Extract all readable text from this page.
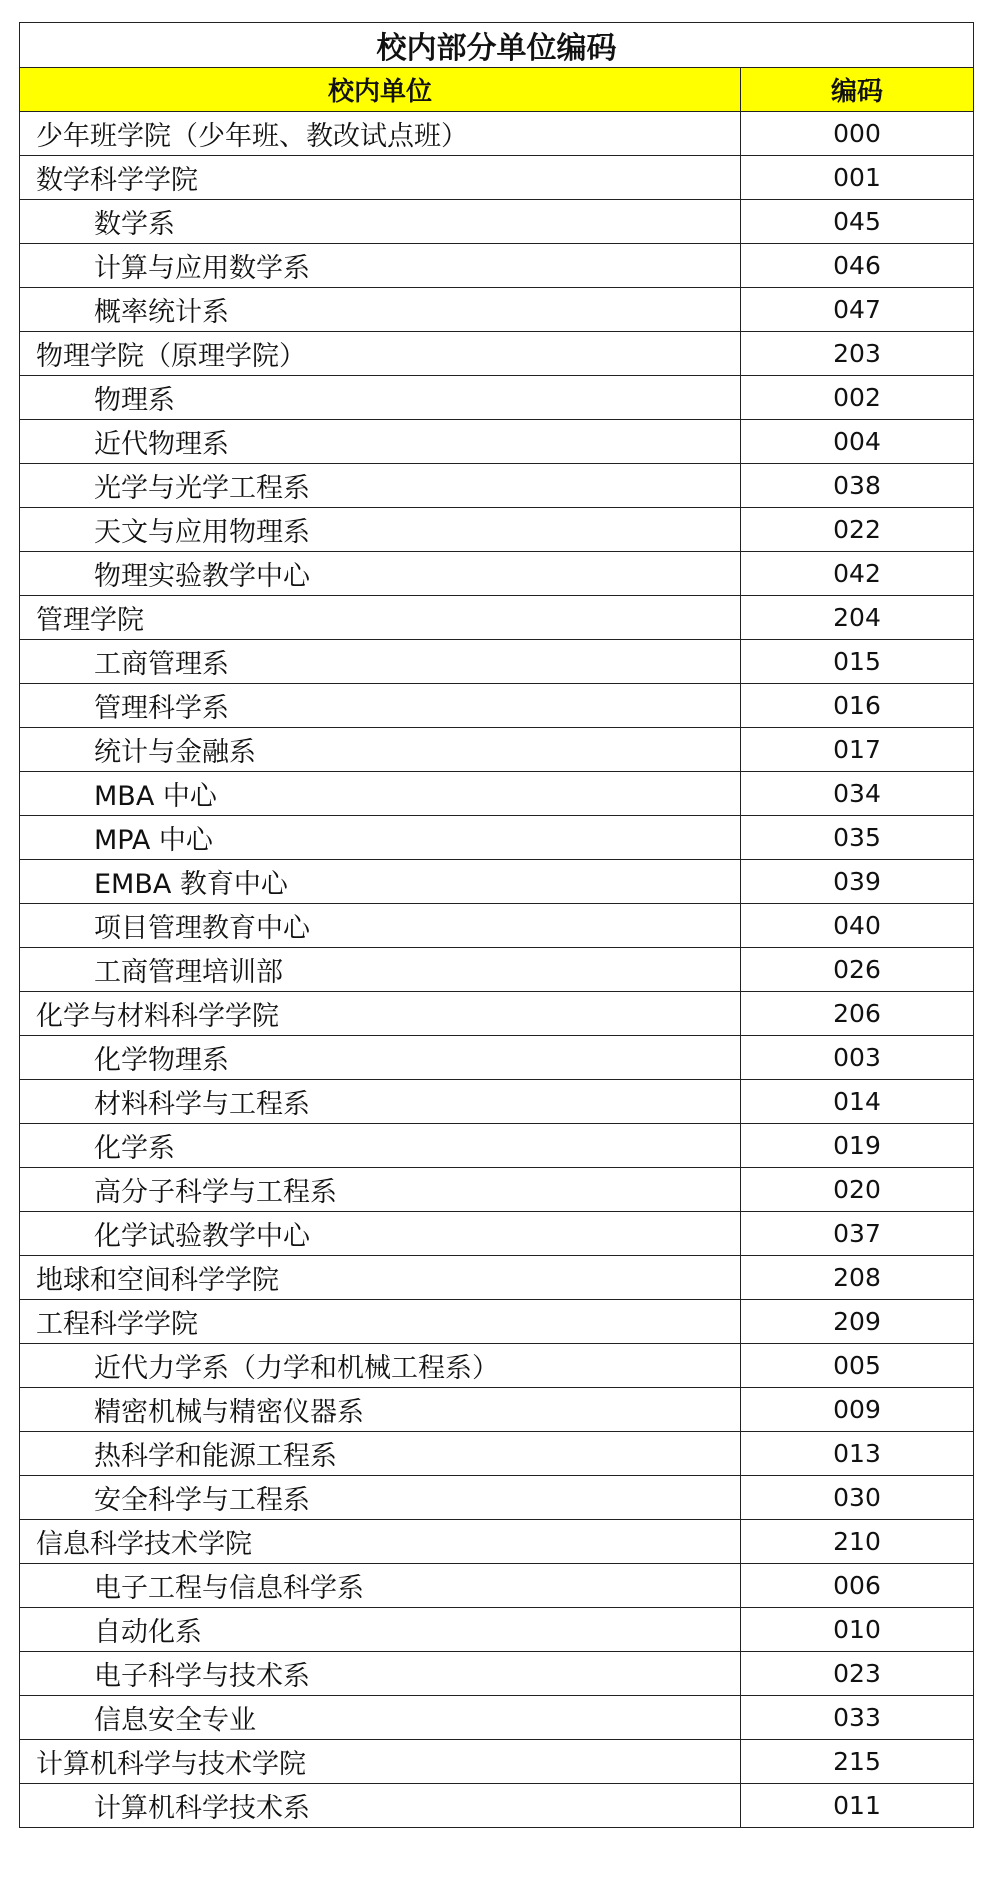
校内部分单位编码	
校内单位	编码
少年班学院（少年班、教改试点班）	000
数学科学学院	001
数学系	045
计算与应用数学系	046
概率统计系	047
物理学院（原理学院）	203
物理系	002
近代物理系	004
光学与光学工程系	038
天文与应用物理系	022
物理实验教学中心	042
管理学院	204
工商管理系	015
管理科学系	016
统计与金融系	017
MBA 中心	034
MPA 中心	035
EMBA 教育中心	039
项目管理教育中心	040
工商管理培训部	026
化学与材料科学学院	206
化学物理系	003
材料科学与工程系	014
化学系	019
高分子科学与工程系	020
化学试验教学中心	037
地球和空间科学学院	208
工程科学学院	209
近代力学系（力学和机械工程系）	005
精密机械与精密仪器系	009
热科学和能源工程系	013
安全科学与工程系	030
信息科学技术学院	210
电子工程与信息科学系	006
自动化系	010
电子科学与技术系	023
信息安全专业	033
计算机科学与技术学院	215
计算机科学技术系	011
